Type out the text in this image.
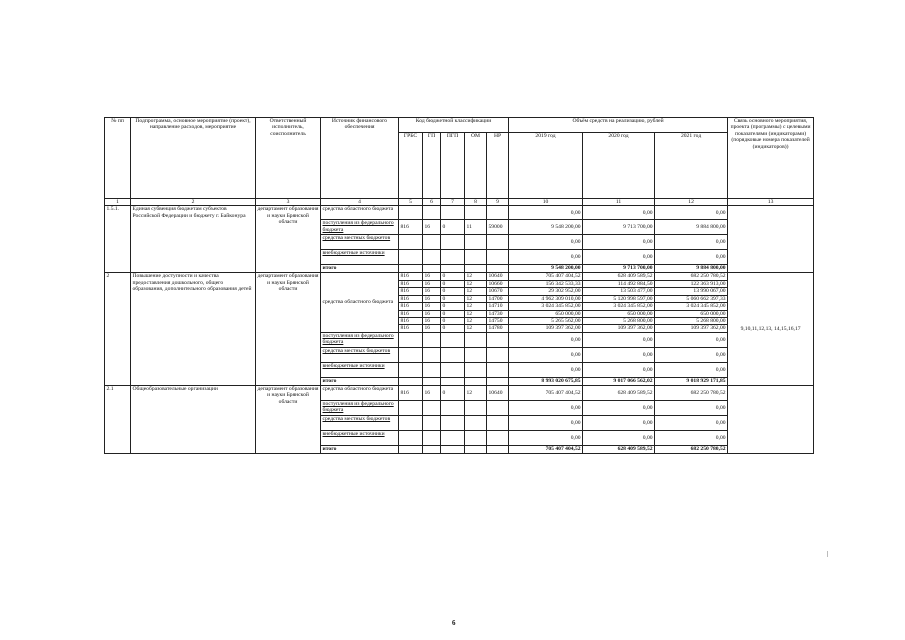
№ пп	Подпрограмма, основное мероприятие (проект), направление расходов, мероприятие	Ответственный исполнитель, соисполнитель	Источник финансового обеспечения	Код бюджетной классификации					Объём средств на реализацию, рублей			Связь основного мероприятия, проекта (программы) с целевыми показателями (индикаторами) (порядковые номера показателей (индикаторов))
				ГРБС	ГП	ПГП	ОМ	НР	2019 год	2020 год	2021 год	
1	2	3	4	5	6	7	8	9	10	11	12	13
1.5.1.	Единая субвенция бюджетам субъектов Российской Федерации и бюджету г. Байконура	департамент образования и науки Брянской области	средства областного бюджета						0,00	0,00	0,00	
			поступления из федерального бюджета	816	16	0	11	59000	9 548 200,00	9 713 700,00	9 884 800,00	
			средства местных бюджетов						0,00	0,00	0,00	
			внебюджетные источники						0,00	0,00	0,00	
			итого						9 548 200,00	9 713 700,00	9 884 800,00	
2	Повышение доступности и качества предоставления дошкольного, общего образования, дополнительного образования детей	департамент образования и науки Брянской области	средства областного бюджета	816	16	0	12	10640	705 407 404,52	628 409 589,52	682 250 780,52	9,10,11,12,13, 14,15,16,17
				816	16	0	12	10660	156 342 533,33	114 492 884,50	122 363 913,00	
				816	16	0	12	10670	29 302 952,00	13 503 477,00	13 990 067,00	
				816	16	0	12	14700	4 962 309 010,00	5 120 998 597,00	5 060 662 397,33	
				816	16	0	12	14710	3 024 345 852,00	3 024 345 852,00	3 024 345 852,00	
				816	16	0	12	14730	650 000,00	650 000,00	650 000,00	
				816	16	0	12	14750	5 265 562,00	5 268 800,00	5 268 800,00	
				816	16	0	12	14780	109 397 362,00	109 397 362,00	109 397 362,00	
			поступления из федерального бюджета						0,00	0,00	0,00	
			средства местных бюджетов						0,00	0,00	0,00	
			внебюджетные источники						0,00	0,00	0,00	
			итого						8 993 020 675,85	9 017 066 562,02	9 018 929 171,85	
2.1	Общеобразовательные организации	департамент образования и науки Брянской области	средства областного бюджета	816	16	0	12	10640	705 407 404,52	628 409 589,52	682 250 780,52	
			поступления из федерального бюджета						0,00	0,00	0,00	
			средства местных бюджетов						0,00	0,00	0,00	
			внебюджетные источники						0,00	0,00	0,00	
			итого						705 407 404,52	628 409 589,52	682 250 780,52	
6
